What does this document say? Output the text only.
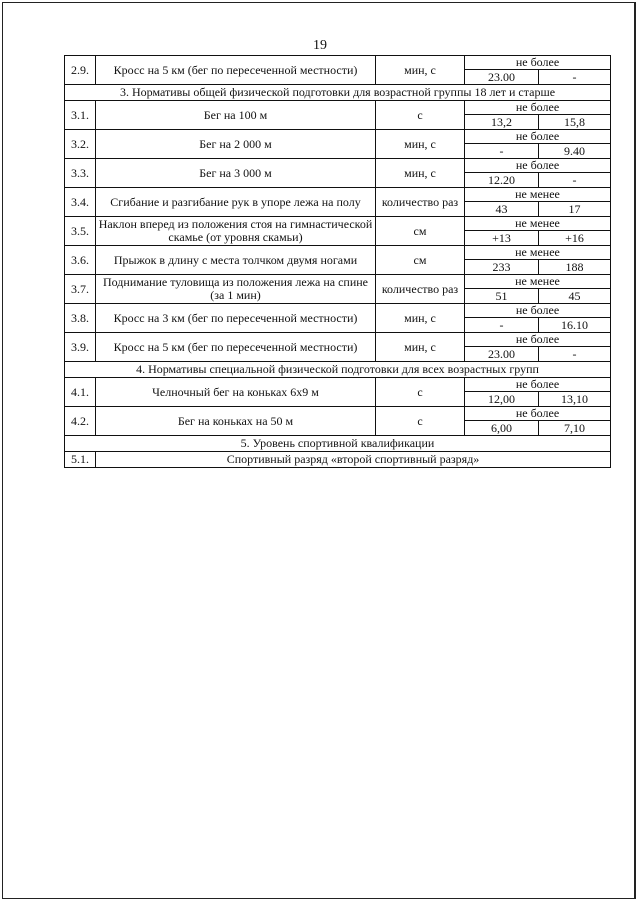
19
2.9.	Кросс на 5 км (бег по пересеченной местности)	мин, с	не более	
			23.00	-
3. Нормативы общей физической подготовки для возрастной группы 18 лет и старше				
3.1.	Бег на 100 м	с	не более	
			13,2	15,8
3.2.	Бег на 2 000 м	мин, с	не более	
			-	9.40
3.3.	Бег на 3 000 м	мин, с	не более	
			12.20	-
3.4.	Сгибание и разгибание рук в упоре лежа на полу	количество раз	не менее	
			43	17
3.5.	Наклон вперед из положения стоя на гимнастической скамье (от уровня скамьи)	см	не менее	
			+13	+16
3.6.	Прыжок в длину с места толчком двумя ногами	см	не менее	
			233	188
3.7.	Поднимание туловища из положения лежа на спине (за 1 мин)	количество раз	не менее	
			51	45
3.8.	Кросс на 3 км (бег по пересеченной местности)	мин, с	не более	
			-	16.10
3.9.	Кросс на 5 км (бег по пересеченной местности)	мин, с	не более	
			23.00	-
4. Нормативы специальной физической подготовки для всех возрастных групп				
4.1.	Челночный бег на коньках 6х9 м	с	не более	
			12,00	13,10
4.2.	Бег на коньках на 50 м	с	не более	
			6,00	7,10
5. Уровень спортивной квалификации				
5.1.	Спортивный разряд «второй спортивный разряд»			
